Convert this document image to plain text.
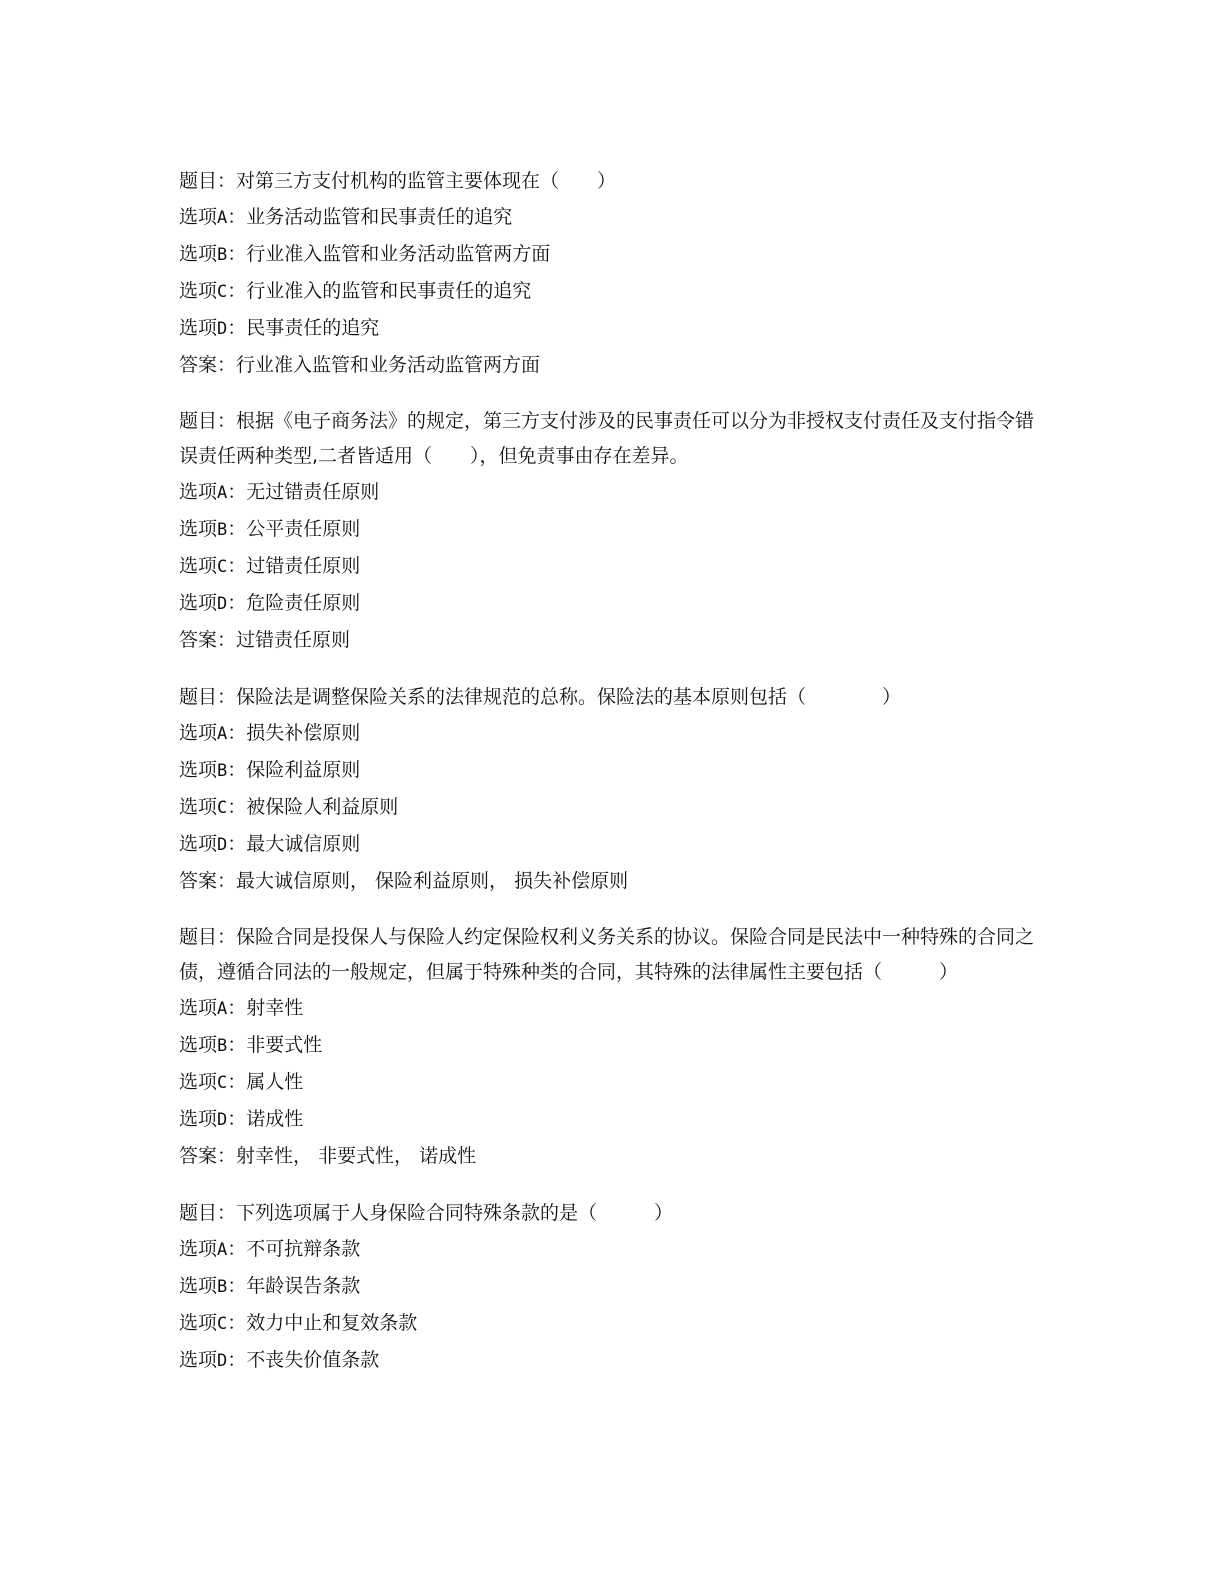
题目：对第三方支付机构的监管主要体现在（　　）
选项A：业务活动监管和民事责任的追究
选项B：行业准入监管和业务活动监管两方面
选项C：行业准入的监管和民事责任的追究
选项D：民事责任的追究
答案：行业准入监管和业务活动监管两方面
题目：根据《电子商务法》的规定，第三方支付涉及的民事责任可以分为非授权支付责任及支付指令错误责任两种类型,二者皆适用（　　），但免责事由存在差异。
选项A：无过错责任原则
选项B：公平责任原则
选项C：过错责任原则
选项D：危险责任原则
答案：过错责任原则
题目：保险法是调整保险关系的法律规范的总称。保险法的基本原则包括（　　　　）
选项A：损失补偿原则
选项B：保险利益原则
选项C：被保险人利益原则
选项D：最大诚信原则
答案：最大诚信原则， 保险利益原则， 损失补偿原则
题目：保险合同是投保人与保险人约定保险权利义务关系的协议。保险合同是民法中一种特殊的合同之债，遵循合同法的一般规定，但属于特殊种类的合同，其特殊的法律属性主要包括（　　　）
选项A：射幸性
选项B：非要式性
选项C：属人性
选项D：诺成性
答案：射幸性， 非要式性， 诺成性
题目：下列选项属于人身保险合同特殊条款的是（　　　）
选项A：不可抗辩条款
选项B：年龄误告条款
选项C：效力中止和复效条款
选项D：不丧失价值条款
